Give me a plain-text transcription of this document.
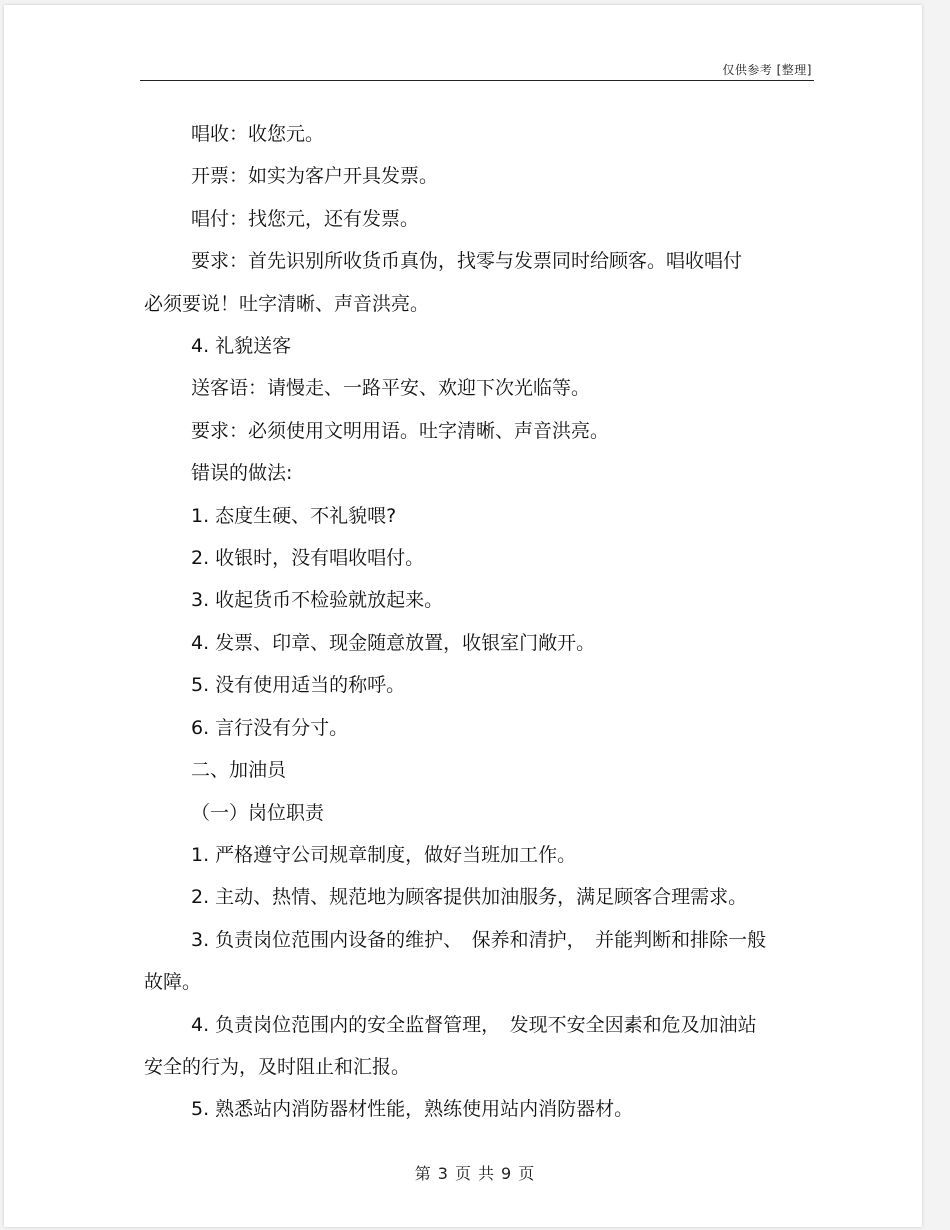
仅供参考 [整理]

唱收：收您元。

开票：如实为客户开具发票。

唱付：找您元，还有发票。

要求：首先识别所收货币真伪，找零与发票同时给顾客。唱收唱付

必须要说！吐字清晰、声音洪亮。

4. 礼貌送客

送客语：请慢走、一路平安、欢迎下次光临等。

要求：必须使用文明用语。吐字清晰、声音洪亮。

错误的做法:

1. 态度生硬、不礼貌喂?

2. 收银时，没有唱收唱付。

3. 收起货币不检验就放起来。

4. 发票、印章、现金随意放置，收银室门敞开。

5. 没有使用适当的称呼。

6. 言行没有分寸。

二、加油员

（一）岗位职责

1. 严格遵守公司规章制度，做好当班加工作。

2. 主动、热情、规范地为顾客提供加油服务，满足顾客合理需求。

3. 负责岗位范围内设备的维护、　保养和清护，　并能判断和排除一般

故障。

4. 负责岗位范围内的安全监督管理，　发现不安全因素和危及加油站

安全的行为，及时阻止和汇报。

5. 熟悉站内消防器材性能，熟练使用站内消防器材。

第 3 页 共 9 页
